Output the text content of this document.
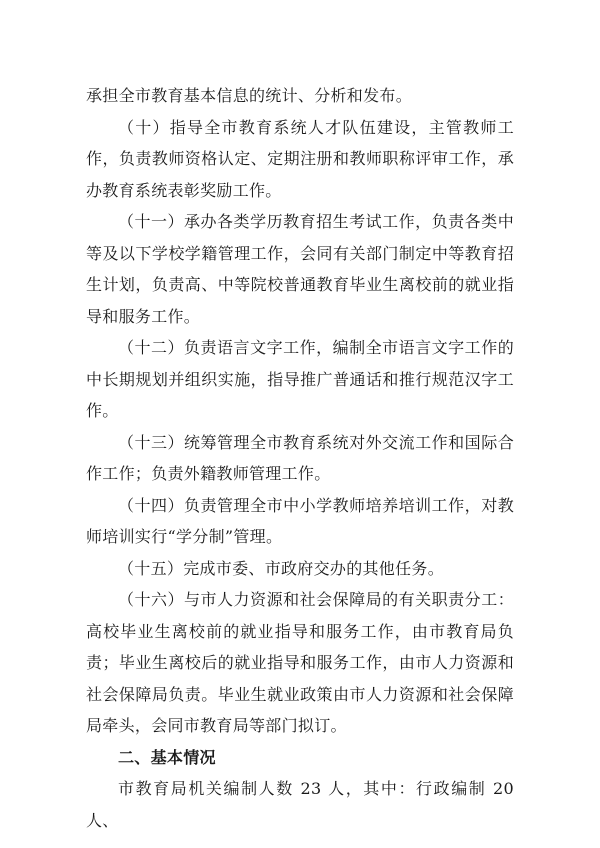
承担全市教育基本信息的统计、分析和发布。

（十）指导全市教育系统人才队伍建设，主管教师工作，负责教师资格认定、定期注册和教师职称评审工作，承办教育系统表彰奖励工作。

（十一）承办各类学历教育招生考试工作，负责各类中等及以下学校学籍管理工作，会同有关部门制定中等教育招生计划，负责高、中等院校普通教育毕业生离校前的就业指导和服务工作。

（十二）负责语言文字工作，编制全市语言文字工作的中长期规划并组织实施，指导推广普通话和推行规范汉字工作。

（十三）统筹管理全市教育系统对外交流工作和国际合作工作；负责外籍教师管理工作。

（十四）负责管理全市中小学教师培养培训工作，对教师培训实行“学分制”管理。

（十五）完成市委、市政府交办的其他任务。

（十六）与市人力资源和社会保障局的有关职责分工：高校毕业生离校前的就业指导和服务工作，由市教育局负责；毕业生离校后的就业指导和服务工作，由市人力资源和社会保障局负责。毕业生就业政策由市人力资源和社会保障局牵头，会同市教育局等部门拟订。

二、基本情况

市教育局机关编制人数 23 人，其中：行政编制 20 人、
